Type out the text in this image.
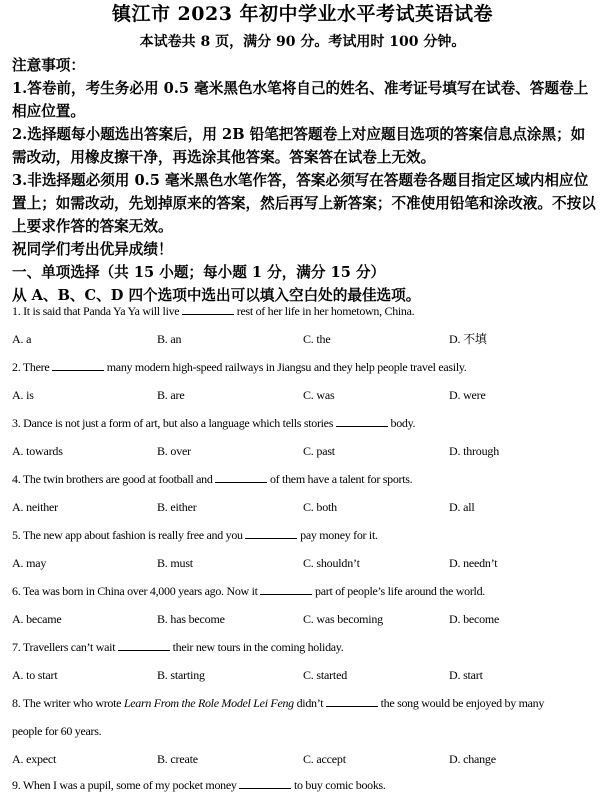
镇江市 2023 年初中学业水平考试英语试卷
本试卷共 8 页，满分 90 分。考试用时 100 分钟。

注意事项：

1.答卷前，考生务必用 0.5 毫米黑色水笔将自己的姓名、准考证号填写在试卷、答题卷上相应位置。

2.选择题每小题选出答案后，用 2B 铅笔把答题卷上对应题目选项的答案信息点涂黑；如需改动，用橡皮擦干净，再选涂其他答案。答案答在试卷上无效。

3.非选择题必须用 0.5 毫米黑色水笔作答，答案必须写在答题卷各题目指定区域内相应位置上；如需改动，先划掉原来的答案，然后再写上新答案；不准使用铅笔和涂改液。不按以上要求作答的答案无效。

祝同学们考出优异成绩！

一、单项选择（共 15 小题；每小题 1 分，满分 15 分）

从 A、B、C、D 四个选项中选出可以填入空白处的最佳选项。

1. It is said that Panda Ya Ya will live	rest of her life in her hometown, China.
A. a	B. an	C. the	D. 不填
2. There	many modern high-speed railways in Jiangsu and they help people travel easily.
A. is	B. are	C. was	D. were
3. Dance is not just a form of art, but also a language which tells stories	body.
A. towards	B. over	C. past	D. through
4. The twin brothers are good at football and	of them have a talent for sports.
A. neither	B. either	C. both	D. all
5. The new app about fashion is really free and you	pay money for it.
A. may	B. must	C. shouldn’t	D. needn’t
6. Tea was born in China over 4,000 years ago. Now it	part of people’s life around the world.
A. became	B. has become	C. was becoming	D. become
7. Travellers can’t wait	their new tours in the coming holiday.
A. to start	B. starting	C. started	D. start
8. The writer who wrote Learn From the Role Model Lei Feng didn’t	the song would be enjoyed by many
people for 60 years.
A. expect	B. create	C. accept	D. change
9. When I was a pupil, some of my pocket money	to buy comic books.
